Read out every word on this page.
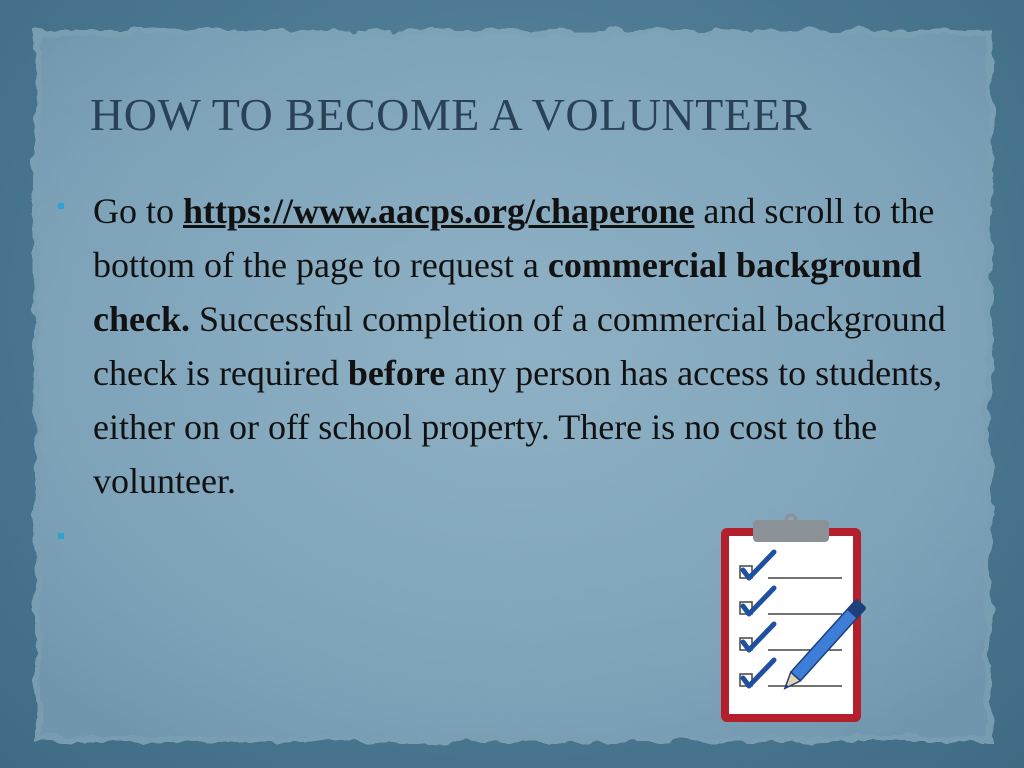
HOW TO BECOME A VOLUNTEER
Go to https://www.aacps.org/chaperone and scroll to the bottom of the page to request a commercial background check. Successful completion of a commercial background check is required before any person has access to students, either on or off school property. There is no cost to the volunteer.
